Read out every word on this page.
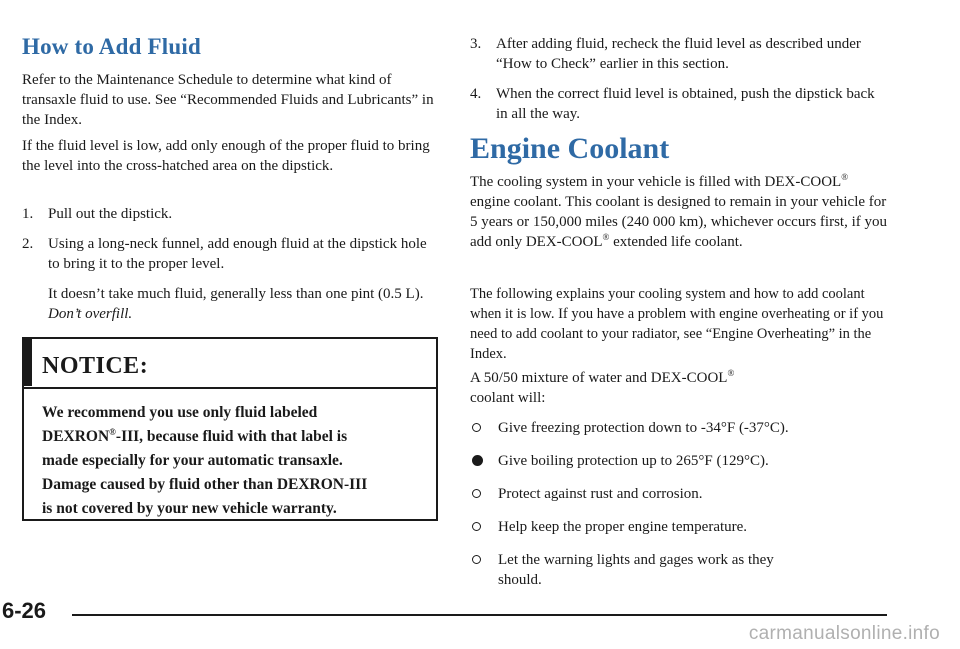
How to Add Fluid

Refer to the Maintenance Schedule to determine what kind of transaxle fluid to use. See “Recommended Fluids and Lubricants” in the Index.

If the fluid level is low, add only enough of the proper fluid to bring the level into the cross-hatched area on the dipstick.

1. Pull out the dipstick.
2. Using a long-neck funnel, add enough fluid at the dipstick hole to bring it to the proper level.

It doesn’t take much fluid, generally less than one pint (0.5 L). Don’t overfill.

NOTICE:
We recommend you use only fluid labeled
DEXRON®-III, because fluid with that label is
made especially for your automatic transaxle.
Damage caused by fluid other than DEXRON-III
is not covered by your new vehicle warranty.
3. After adding fluid, recheck the fluid level as described under “How to Check” earlier in this section.
4. When the correct fluid level is obtained, push the dipstick back in all the way.
Engine Coolant

The cooling system in your vehicle is filled with DEX-COOL® engine coolant. This coolant is designed to remain in your vehicle for 5 years or 150,000 miles (240 000 km), whichever occurs first, if you add only DEX-COOL® extended life coolant.

The following explains your cooling system and how to add coolant when it is low. If you have a problem with engine overheating or if you need to add coolant to your radiator, see “Engine Overheating” in the Index.

A 50/50 mixture of water and DEX-COOL®
coolant will:

Give freezing protection down to -34°F (-37°C).
Give boiling protection up to 265°F (129°C).
Protect against rust and corrosion.
Help keep the proper engine temperature.
Let the warning lights and gages work as they should.
6-26
carmanualsonline.info
